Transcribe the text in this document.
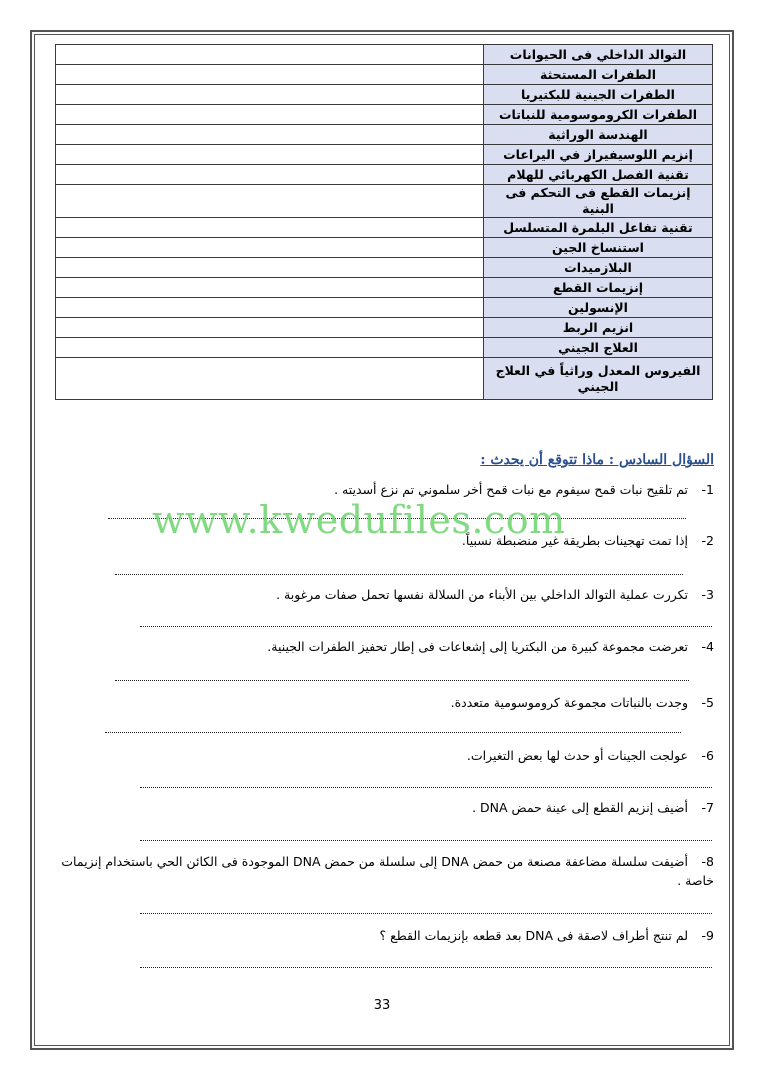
	التوالد الداخلي فى الحيوانات
	الطفرات المستحثة
	الطفرات الجينية للبكتيريا
	الطفرات الكروموسومية للنباتات
	الهندسة الوراثية
	إنزيم اللوسيفيراز في اليراعات
	تقنية الفصل الكهربائي للهلام
	إنزيمات القطع فى التحكم فى البنية
	تقنية تفاعل البلمرة المتسلسل
	استنساخ الجين
	البلازميدات
	إنزيمات القطع
	الإنسولين
	انزيم الربط
	العلاج الجيني
	الفيروس المعدل وراثياً في العلاج الجيني
السؤال السادس : ماذا تتوقع أن يحدث :
1- تم تلقيح نبات قمح سيفوم مع نبات قمح أخر سلموني تم نزع أسديته .
2- إذا تمت تهجينات بطريقة غير منضبطة نسبياً.
3- تكررت عملية التوالد الداخلي بين الأبناء من السلالة نفسها تحمل صفات مرغوبة .
4- تعرضت مجموعة كبيرة من البكتريا إلى إشعاعات فى إطار تحفيز الطفرات الجينية.
5- وجدت بالنباتات مجموعة كروموسومية متعددة.
6- عولجت الجينات أو حدث لها بعض التغيرات.
7- أضيف إنزيم القطع إلى عينة حمض DNA .
8- أضيفت سلسلة مضاعفة مصنعة من حمض DNA إلى سلسلة من حمض DNA الموجودة فى الكائن الحي باستخدام إنزيمات خاصة .
9- لم تنتج أطراف لاصقة فى DNA بعد قطعه بإنزيمات القطع ؟
www.kwedufiles.com
33
